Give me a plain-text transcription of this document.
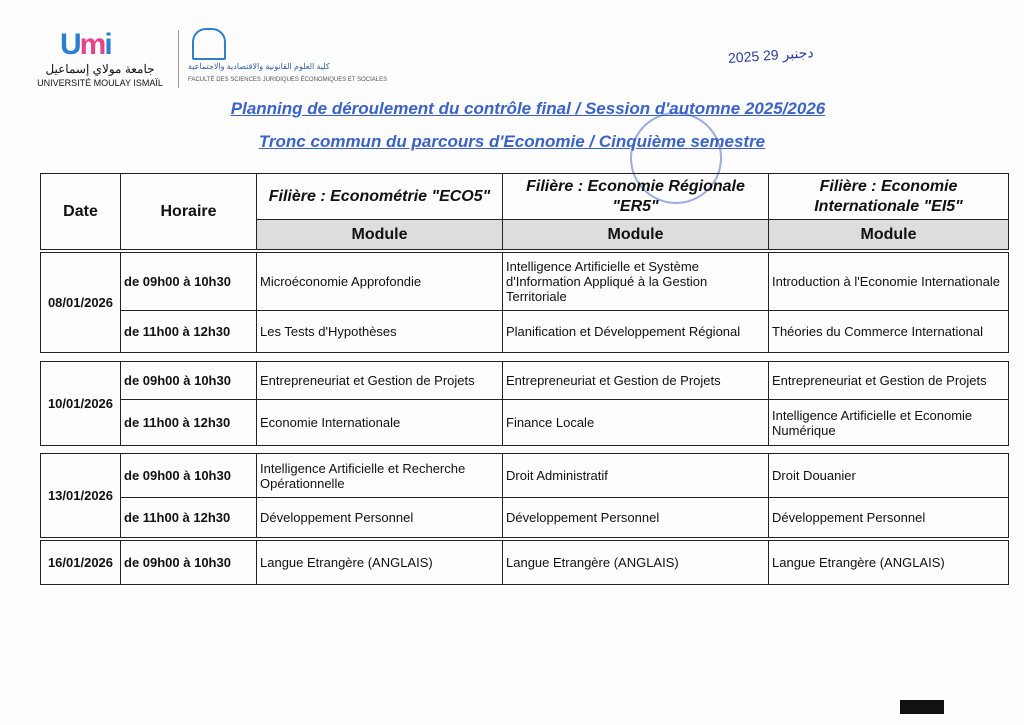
Umi
جامعة مولاي إسماعيل
UNIVERSITÉ MOULAY ISMAÏL
كلية العلوم القانونية والاقتصادية والاجتماعية
FACULTÉ DES SCIENCES JURIDIQUES ÉCONOMIQUES ET SOCIALES
2025 دجنبر 29
Planning de déroulement du contrôle final / Session d'automne 2025/2026
Tronc commun du parcours d'Economie / Cinquième semestre
Date	Horaire	Filière : Econométrie "ECO5"	Filière : Economie Régionale "ER5"	Filière : Economie Internationale "EI5"
		Module	Module	Module
08/01/2026	de 09h00 à 10h30	Microéconomie Approfondie	Intelligence Artificielle et Système d'Information Appliqué à la Gestion Territoriale	Introduction à l'Economie Internationale
	de 11h00 à 12h30	Les Tests d'Hypothèses	Planification et Développement Régional	Théories du Commerce International
10/01/2026	de 09h00 à 10h30	Entrepreneuriat et Gestion de Projets	Entrepreneuriat et Gestion de Projets	Entrepreneuriat et Gestion de Projets
	de 11h00 à 12h30	Economie Internationale	Finance Locale	Intelligence Artificielle et Economie Numérique
13/01/2026	de 09h00 à 10h30	Intelligence Artificielle et Recherche Opérationnelle	Droit Administratif	Droit Douanier
	de 11h00 à 12h30	Développement Personnel	Développement Personnel	Développement Personnel
16/01/2026	de 09h00 à 10h30	Langue Etrangère (ANGLAIS)	Langue Etrangère (ANGLAIS)	Langue Etrangère (ANGLAIS)
